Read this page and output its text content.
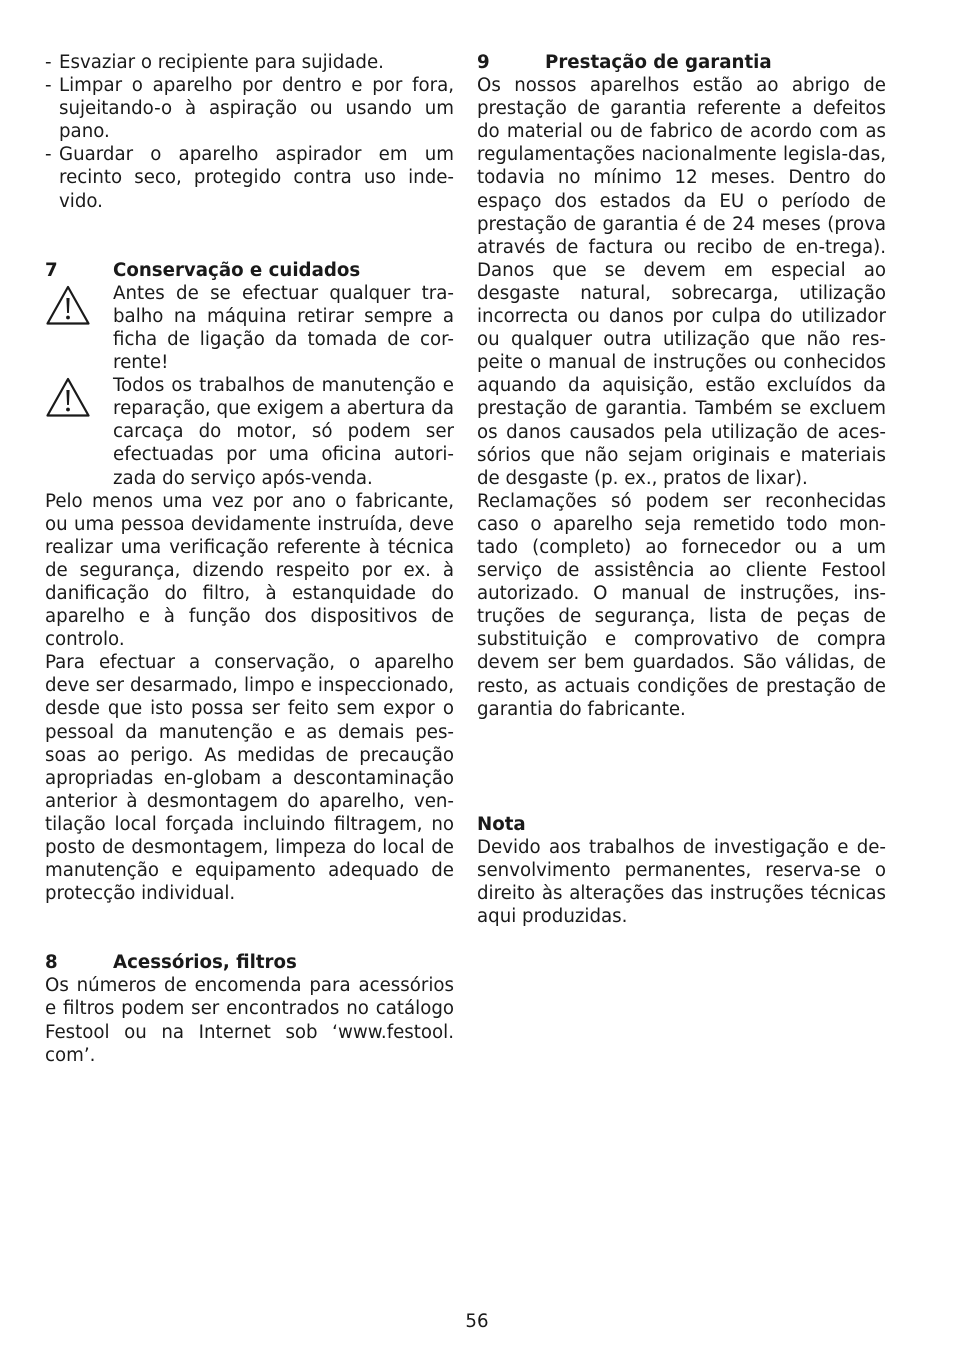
- Esvaziar o recipiente para sujidade.
- Limpar o aparelho por dentro e por fora, sujeitando-o à aspiração ou usando um pano.
- Guardar o aparelho aspirador em um recinto seco, protegido contra uso inde-vido.
7	Conservação e cuidados

Antes de se efectuar qualquer tra-balho na máquina retirar sempre a ficha de ligação da tomada de cor-rente!

Todos os trabalhos de manutenção e reparação, que exigem a abertura da carcaça do motor, só podem ser efectuadas por uma oficina autori-zada do serviço após-venda.

Pelo menos uma vez por ano o fabricante, ou uma pessoa devidamente instruída, deve realizar uma verificação referente à técnica de segurança, dizendo respeito por ex. à danificação do filtro, à estanquidade do aparelho e à função dos dispositivos de controlo.

Para efectuar a conservação, o aparelho deve ser desarmado, limpo e inspeccionado, desde que isto possa ser feito sem expor o pessoal da manutenção e as demais pes-soas ao perigo. As medidas de precaução apropriadas en-globam a descontaminação anterior à desmontagem do aparelho, ven-tilação local forçada incluindo filtragem, no posto de desmontagem, limpeza do local de manutenção e equipamento adequado de protecção individual.

8	Acessórios, filtros

Os números de encomenda para acessórios e filtros podem ser encontrados no catálogo Festool ou na Internet sob ‘www.festool. com’.

9	Prestação de garantia

Os nossos aparelhos estão ao abrigo de prestação de garantia referente a defeitos do material ou de fabrico de acordo com as regulamentações nacionalmente legisla-das, todavia no mínimo 12 meses. Dentro do espaço dos estados da EU o período de prestação de garantia é de 24 meses (prova através de factura ou recibo de en-trega). Danos que se devem em especial ao desgaste natural, sobrecarga, utilização incorrecta ou danos por culpa do utilizador ou qualquer outra utilização que não res-peite o manual de instruções ou conhecidos aquando da aquisição, estão excluídos da prestação de garantia. Também se excluem os danos causados pela utilização de aces-sórios que não sejam originais e materiais de desgaste (p. ex., pratos de lixar).

Reclamações só podem ser reconhecidas caso o aparelho seja remetido todo mon-tado (completo) ao fornecedor ou a um serviço de assistência ao cliente Festool autorizado. O manual de instruções, ins-truções de segurança, lista de peças de substituição e comprovativo de compra devem ser bem guardados. São válidas, de resto, as actuais condições de prestação de garantia do fabricante.

Nota

Devido aos trabalhos de investigação e de-senvolvimento permanentes, reserva-se o direito às alterações das instruções técnicas aqui produzidas.

56
